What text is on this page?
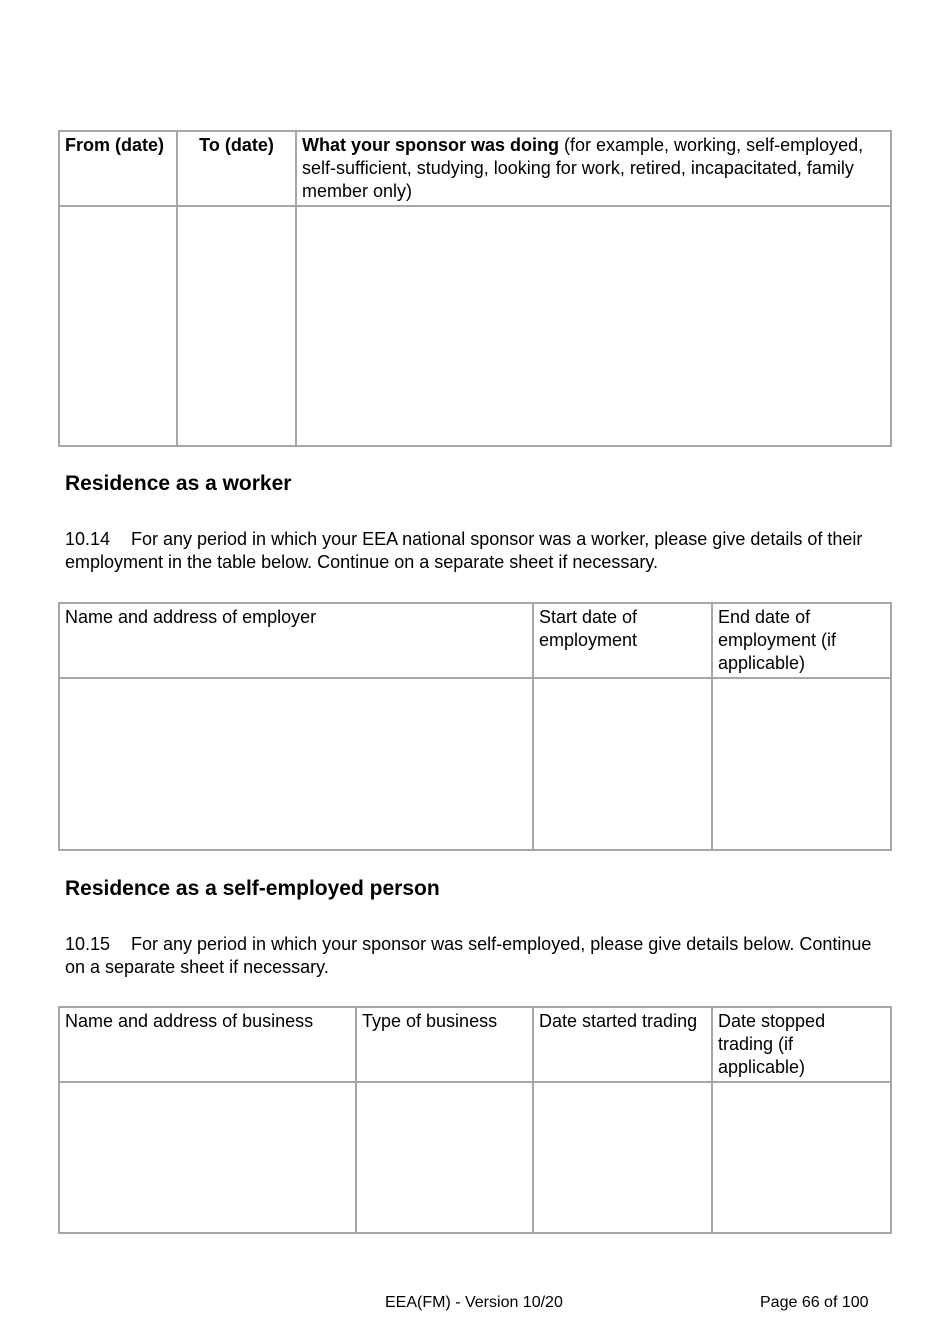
From (date)	To (date)	What your sponsor was doing (for example, working, self-employed, self-sufficient, studying, looking for work, retired, incapacitated, family member only)

Residence as a worker

10.14 For any period in which your EEA national sponsor was a worker, please give details of their employment in the table below. Continue on a separate sheet if necessary.

Name and address of employer	Start date of employment	End date of employment (if applicable)

Residence as a self-employed person

10.15 For any period in which your sponsor was self-employed, please give details below. Continue on a separate sheet if necessary.

Name and address of business	Type of business	Date started trading	Date stopped trading (if applicable)

EEA(FM) - Version 10/20	Page 66 of 100
